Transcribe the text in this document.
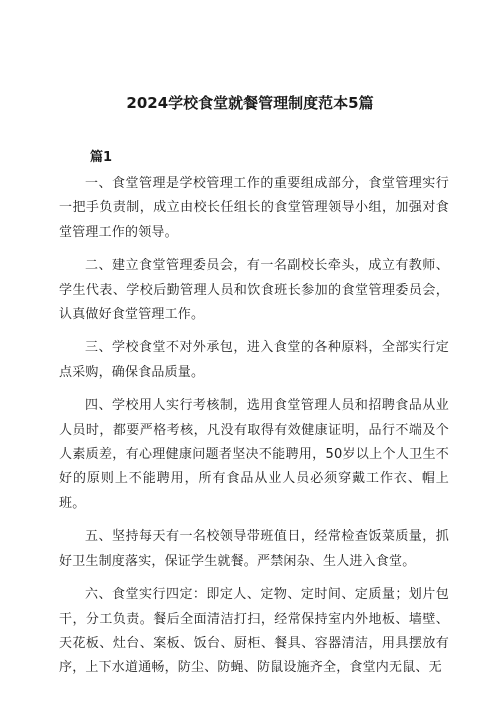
2024学校食堂就餐管理制度范本5篇
篇1

一、食堂管理是学校管理工作的重要组成部分，食堂管理实行一把手负责制，成立由校长任组长的食堂管理领导小组，加强对食堂管理工作的领导。

二、建立食堂管理委员会，有一名副校长牵头，成立有教师、学生代表、学校后勤管理人员和饮食班长参加的食堂管理委员会，认真做好食堂管理工作。

三、学校食堂不对外承包，进入食堂的各种原料，全部实行定点采购，确保食品质量。

四、学校用人实行考核制，选用食堂管理人员和招聘食品从业人员时，都要严格考核，凡没有取得有效健康证明，品行不端及个人素质差，有心理健康问题者坚决不能聘用，50岁以上个人卫生不好的原则上不能聘用，所有食品从业人员必须穿戴工作衣、帽上班。

五、坚持每天有一名校领导带班值日，经常检查饭菜质量，抓好卫生制度落实，保证学生就餐。严禁闲杂、生人进入食堂。

六、食堂实行四定：即定人、定物、定时间、定质量；划片包干，分工负责。餐后全面清洁打扫，经常保持室内外地板、墙壁、天花板、灶台、案板、饭台、厨柜、餐具、容器清洁，用具摆放有序，上下水道通畅，防尘、防蝇、防鼠设施齐全，食堂内无鼠、无
